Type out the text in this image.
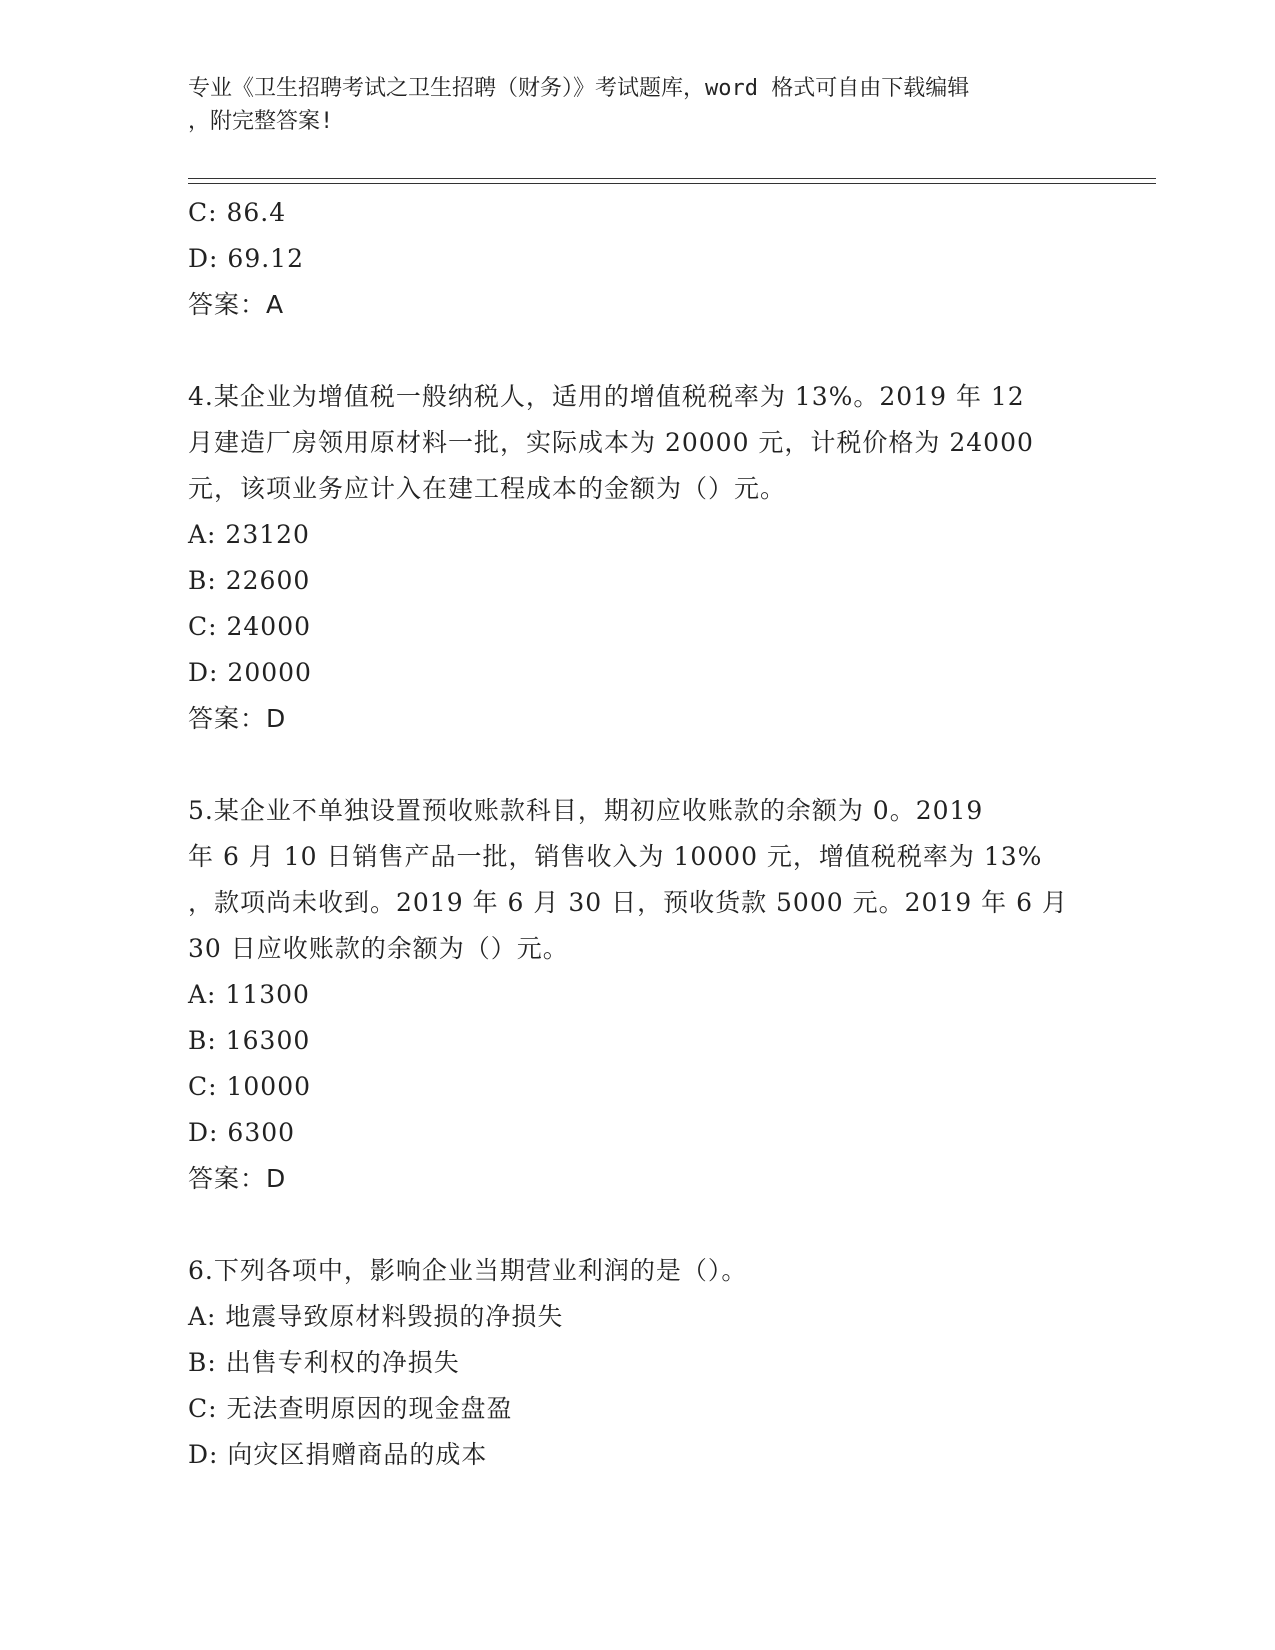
专业《卫生招聘考试之卫生招聘（财务）》考试题库，word 格式可自由下载编辑
，附完整答案!
C: 86.4
D: 69.12
答案：A
4.某企业为增值税一般纳税人，适用的增值税税率为 13%。2019 年 12
月建造厂房领用原材料一批，实际成本为 20000 元，计税价格为 24000
元，该项业务应计入在建工程成本的金额为（）元。
A: 23120
B: 22600
C: 24000
D: 20000
答案：D
5.某企业不单独设置预收账款科目，期初应收账款的余额为 0。2019
年 6 月 10 日销售产品一批，销售收入为 10000 元，增值税税率为 13%
，款项尚未收到。2019 年 6 月 30 日，预收货款 5000 元。2019 年 6 月
30 日应收账款的余额为（）元。
A: 11300
B: 16300
C: 10000
D: 6300
答案：D
6.下列各项中，影响企业当期营业利润的是（）。
A: 地震导致原材料毁损的净损失
B: 出售专利权的净损失
C: 无法查明原因的现金盘盈
D: 向灾区捐赠商品的成本
